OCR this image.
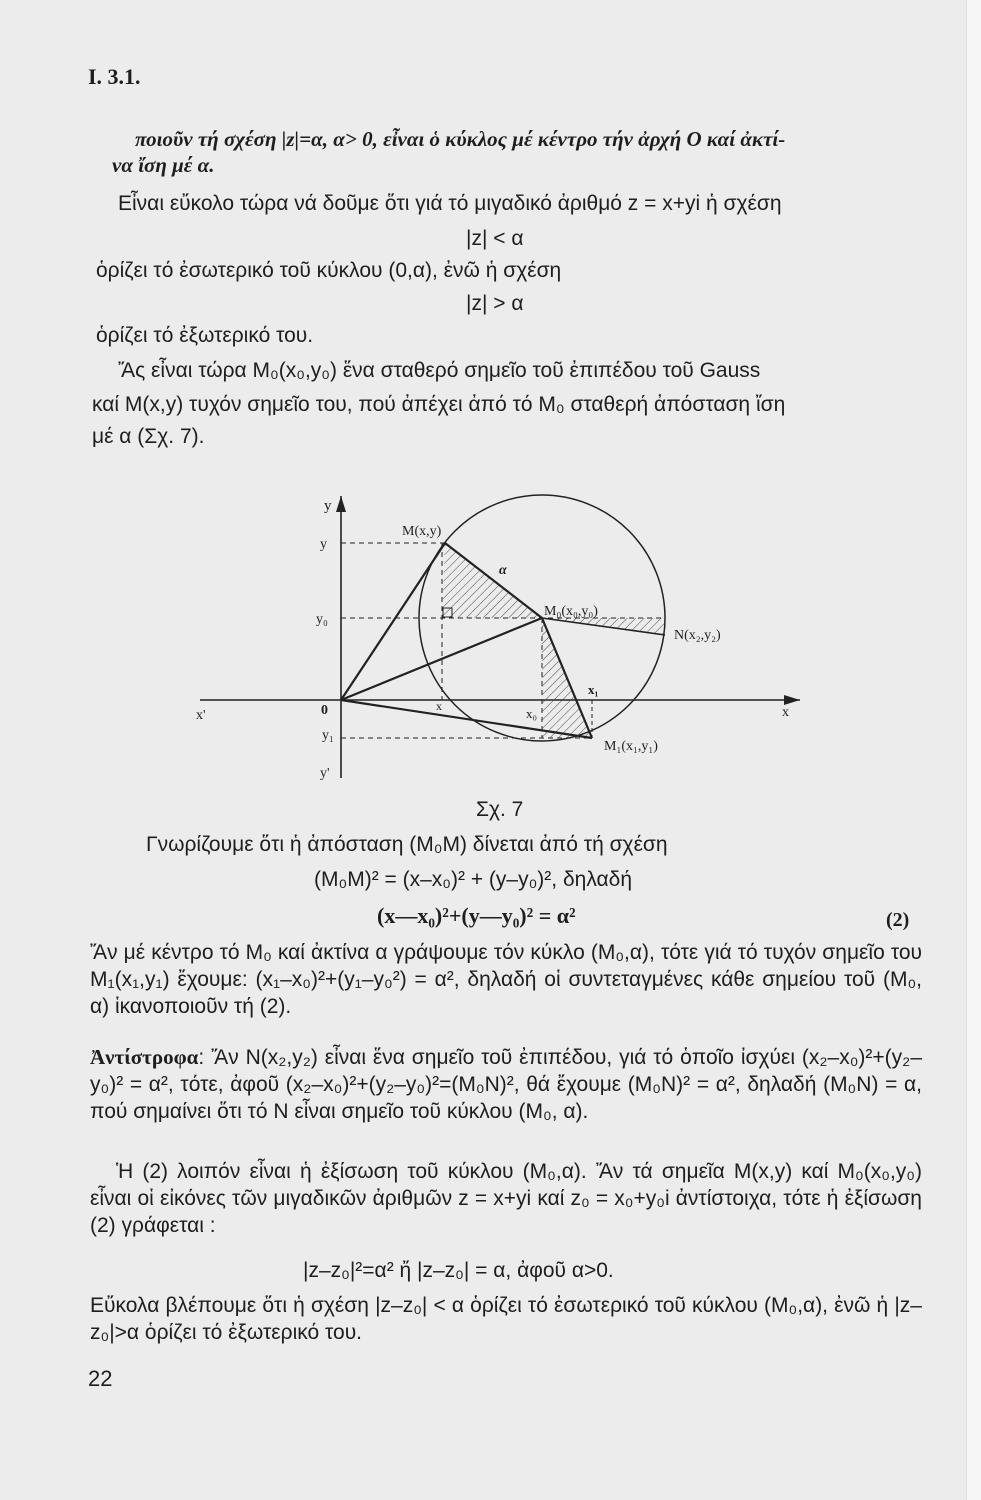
Ι. 3.1.
ποιοῦν τή σχέση |z|=α, α> 0, εἶναι ὁ κύκλος μέ κέντρο τήν ἀρχή Ο καί ἀκτί-
να ἴση μέ α.
Εἶναι εὔκολο τώρα νά δοῦμε ὅτι γιά τό μιγαδικό ἀριθμό z = x+yi ἡ σχέση
|z| < α
ὁρίζει τό ἐσωτερικό τοῦ κύκλου (0,α), ἐνῶ ἡ σχέση
|z| > α
ὁρίζει τό ἐξωτερικό του.
Ἄς εἶναι τώρα Μ₀(x₀,y₀) ἕνα σταθερό σημεῖο τοῦ ἐπιπέδου τοῦ Gauss
καί Μ(x,y) τυχόν σημεῖο του, πού ἀπέχει ἀπό τό Μ₀ σταθερή ἀπόσταση ἴση
μέ α (Σχ. 7).
y
y
y₀
y₁
y'
x'	x
0	x	x₀
x₁
Μ(x,y)
Μ₀(x₀,y₀)
Ν(x₂,y₂)
Μ₁(x₁,y₁)
α
Σχ. 7
Γνωρίζουμε ὅτι ἡ ἀπόσταση (Μ₀Μ) δίνεται ἀπό τή σχέση
(Μ₀Μ)² = (x–x₀)² + (y–y₀)², δηλαδή
(x—x₀)²+(y—y₀)² = α²	(2)
Ἄν μέ κέντρο τό Μ₀ καί ἀκτίνα α γράψουμε τόν κύκλο (Μ₀,α), τότε γιά τό τυχόν σημεῖο του Μ₁(x₁,y₁) ἔχουμε: (x₁–x₀)²+(y₁–y₀²) = α², δηλαδή οἱ συντεταγμένες κάθε σημείου τοῦ (Μ₀, α) ἱκανοποιοῦν τή (2).
Ἀντίστροφα: Ἄν Ν(x₂,y₂) εἶναι ἕνα σημεῖο τοῦ ἐπιπέδου, γιά τό ὁποῖο ἰσχύει (x₂–x₀)²+(y₂–y₀)² = α², τότε, ἀφοῦ (x₂–x₀)²+(y₂–y₀)²=(Μ₀Ν)², θά ἔχουμε (Μ₀Ν)² = α², δηλαδή (Μ₀Ν) = α, πού σημαίνει ὅτι τό Ν εἶναι σημεῖο τοῦ κύκλου (Μ₀, α).
Ἡ (2) λοιπόν εἶναι ἡ ἐξίσωση τοῦ κύκλου (Μ₀,α). Ἄν τά σημεῖα Μ(x,y) καί Μ₀(x₀,y₀) εἶναι οἱ εἰκόνες τῶν μιγαδικῶν ἀριθμῶν z = x+yi καί z₀ = x₀+y₀i ἀντίστοιχα, τότε ἡ ἐξίσωση (2) γράφεται :
|z–z₀|²=α² ἤ |z–z₀| = α, ἀφοῦ α>0.
Εὔκολα βλέπουμε ὅτι ἡ σχέση |z–z₀| < α ὁρίζει τό ἐσωτερικό τοῦ κύκλου (Μ₀,α), ἐνῶ ἡ |z–z₀|>α ὁρίζει τό ἐξωτερικό του.
22
